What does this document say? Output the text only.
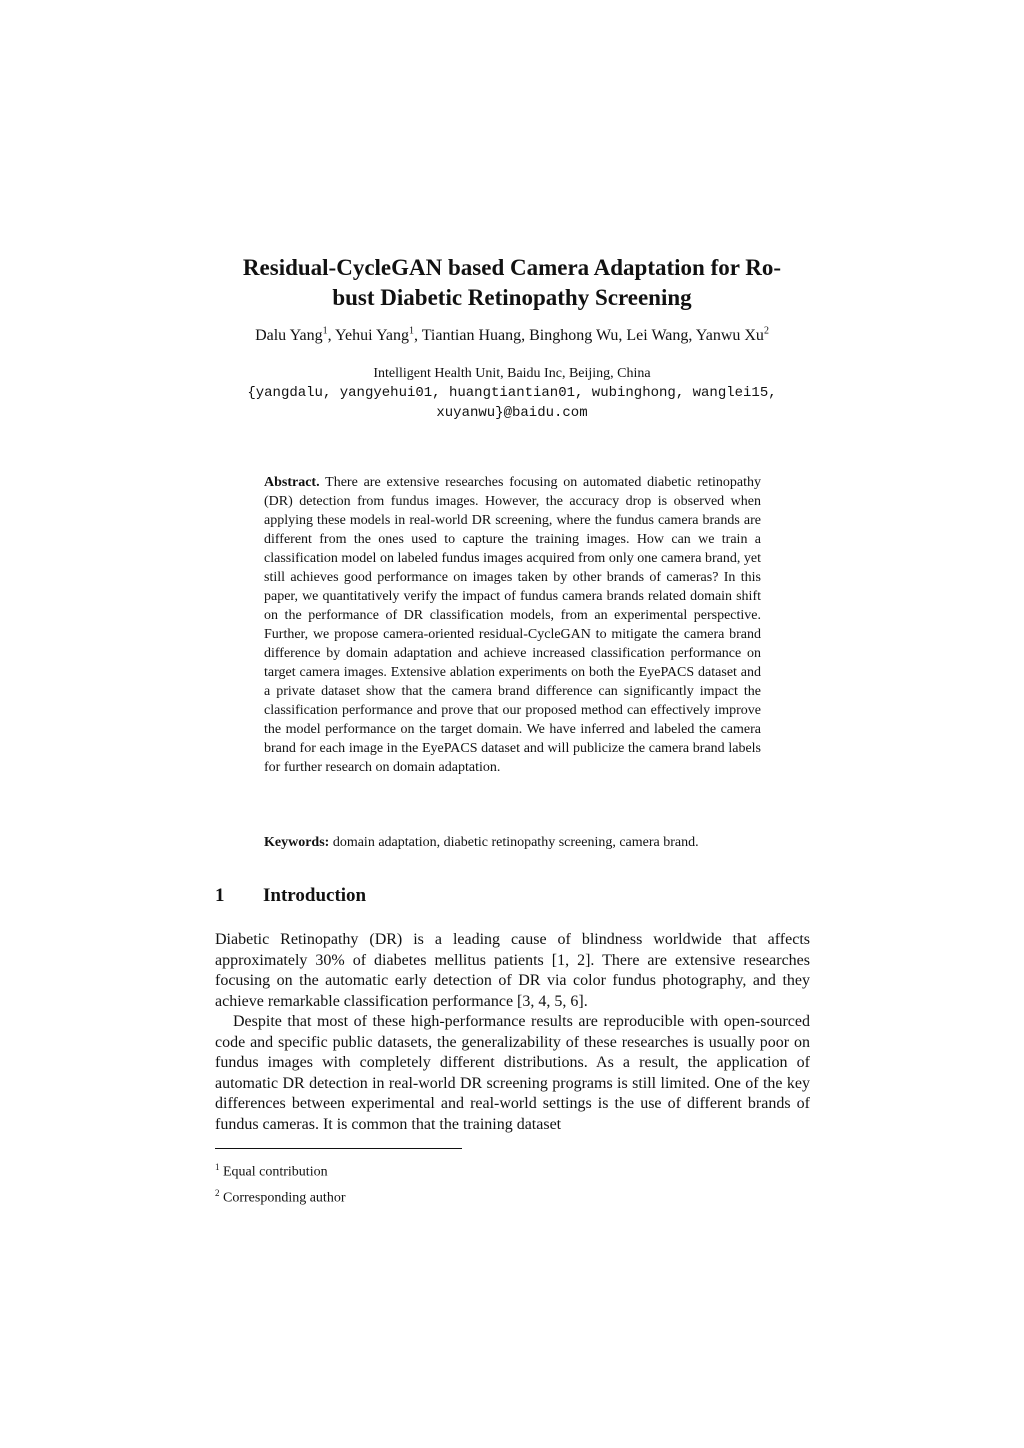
Residual-CycleGAN based Camera Adaptation for Ro-
bust Diabetic Retinopathy Screening
Dalu Yang$^1$, Yehui Yang$^1$, Tiantian Huang, Binghong Wu, Lei Wang, Yanwu Xu$^2$
Intelligent Health Unit, Baidu Inc, Beijing, China
{yangdalu, yangyehui01, huangtiantian01, wubinghong, wanglei15,
xuyanwu}@baidu.com
Abstract. There are extensive researches focusing on automated diabetic retinopathy (DR) detection from fundus images. However, the accuracy drop is observed when applying these models in real-world DR screening, where the fundus camera brands are different from the ones used to capture the training images. How can we train a classification model on labeled fundus images acquired from only one camera brand, yet still achieves good performance on images taken by other brands of cameras? In this paper, we quantitatively verify the impact of fundus camera brands related domain shift on the performance of DR classification models, from an experimental perspective. Further, we propose camera-oriented residual-CycleGAN to mitigate the camera brand difference by domain adaptation and achieve increased classification performance on target camera images. Extensive ablation experiments on both the EyePACS dataset and a private dataset show that the camera brand difference can significantly impact the classification performance and prove that our proposed method can effectively improve the model performance on the target domain. We have inferred and labeled the camera brand for each image in the EyePACS dataset and will publicize the camera brand labels for further research on domain adaptation.
Keywords: domain adaptation, diabetic retinopathy screening, camera brand.
1 Introduction

Diabetic Retinopathy (DR) is a leading cause of blindness worldwide that affects approximately 30% of diabetes mellitus patients [1, 2]. There are extensive researches focusing on the automatic early detection of DR via color fundus photography, and they achieve remarkable classification performance [3, 4, 5, 6].

Despite that most of these high-performance results are reproducible with open-sourced code and specific public datasets, the generalizability of these researches is usually poor on fundus images with completely different distributions. As a result, the application of automatic DR detection in real-world DR screening programs is still limited. One of the key differences between experimental and real-world settings is the use of different brands of fundus cameras. It is common that the training dataset

$^1$ Equal contribution
$^2$ Corresponding author
